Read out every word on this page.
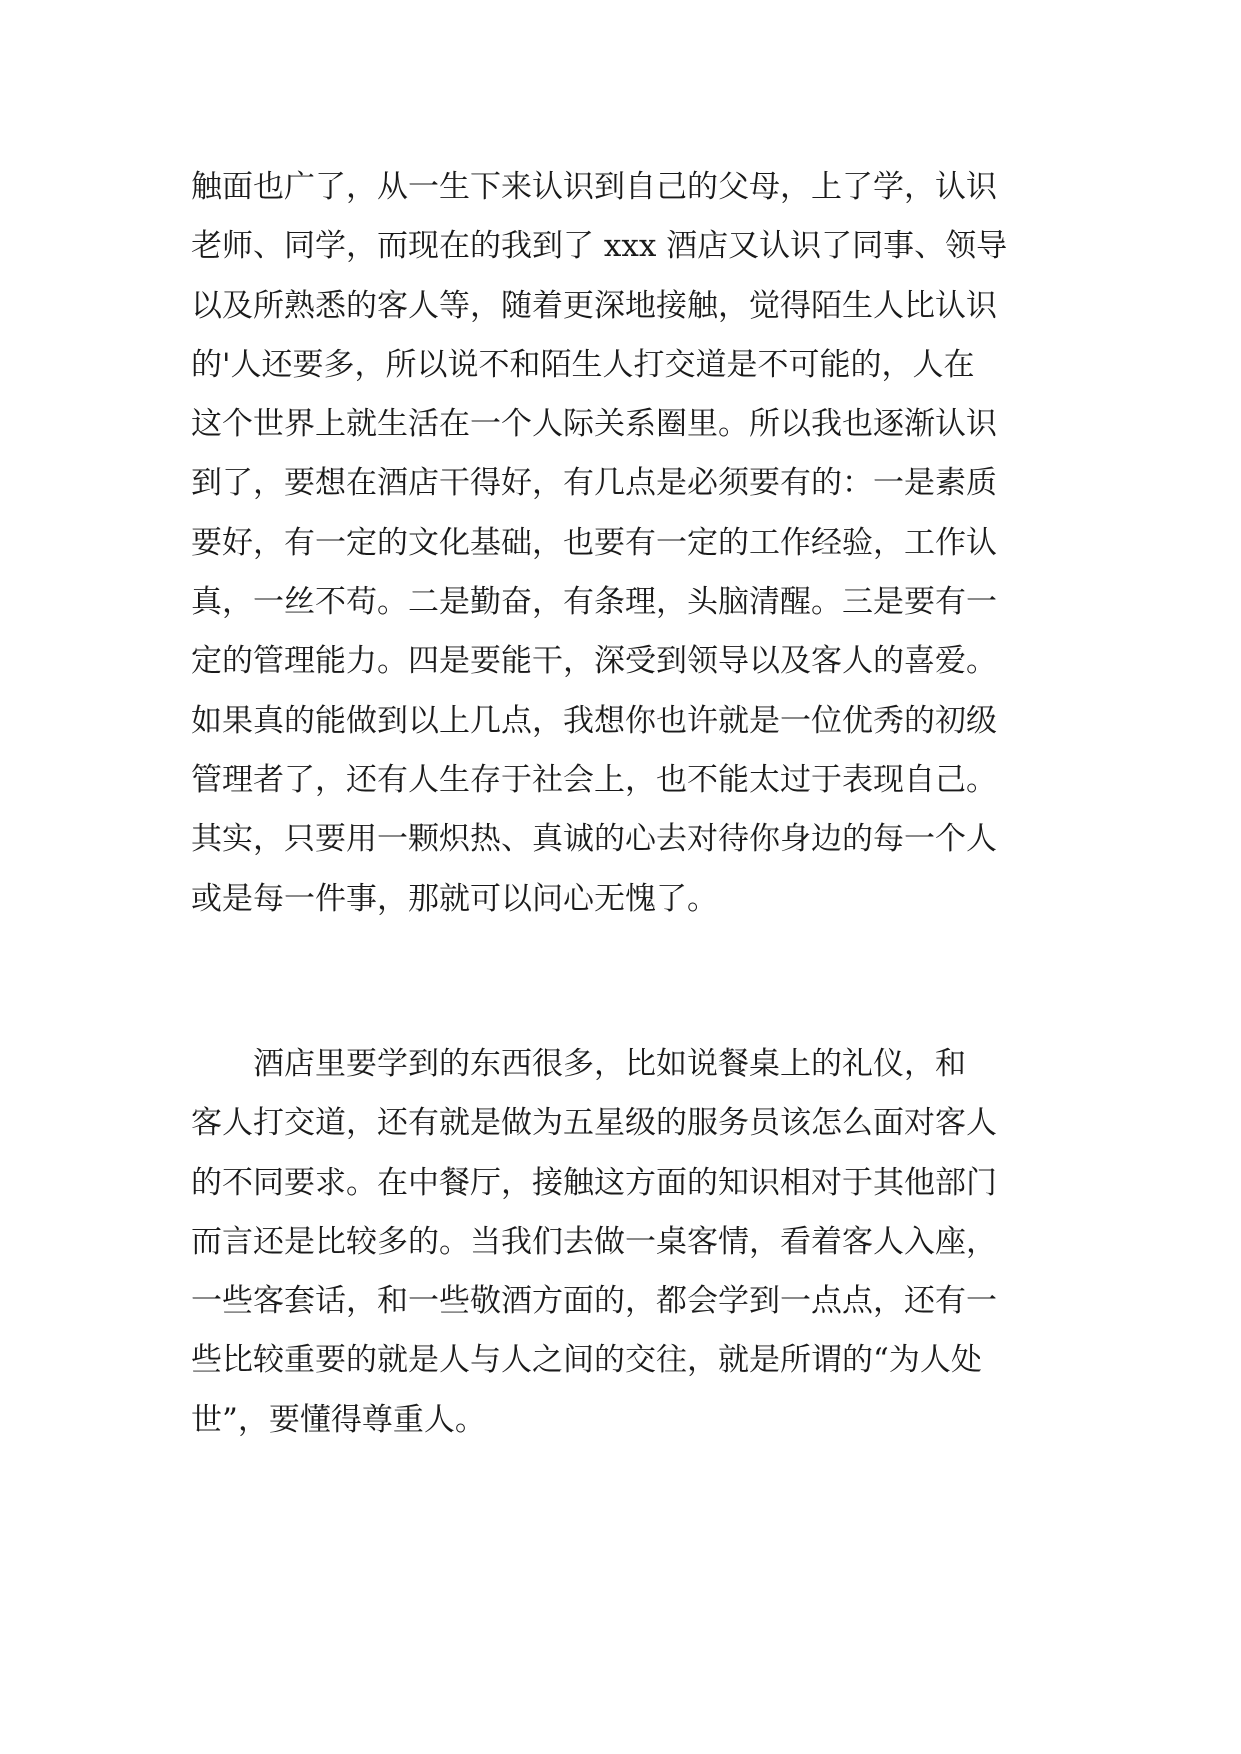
触面也广了，从一生下来认识到自己的父母，上了学，认识
老师、同学，而现在的我到了 xxx 酒店又认识了同事、领导
以及所熟悉的客人等，随着更深地接触，觉得陌生人比认识
的'人还要多，所以说不和陌生人打交道是不可能的，人在
这个世界上就生活在一个人际关系圈里。所以我也逐渐认识
到了，要想在酒店干得好，有几点是必须要有的：一是素质
要好，有一定的文化基础，也要有一定的工作经验，工作认
真，一丝不苟。二是勤奋，有条理，头脑清醒。三是要有一
定的管理能力。四是要能干，深受到领导以及客人的喜爱。
如果真的能做到以上几点，我想你也许就是一位优秀的初级
管理者了，还有人生存于社会上，也不能太过于表现自己。
其实，只要用一颗炽热、真诚的心去对待你身边的每一个人
或是每一件事，那就可以问心无愧了。
　　酒店里要学到的东西很多，比如说餐桌上的礼仪，和
客人打交道，还有就是做为五星级的服务员该怎么面对客人
的不同要求。在中餐厅，接触这方面的知识相对于其他部门
而言还是比较多的。当我们去做一桌客情，看着客人入座，
一些客套话，和一些敬酒方面的，都会学到一点点，还有一
些比较重要的就是人与人之间的交往，就是所谓的“为人处
世”，要懂得尊重人。
